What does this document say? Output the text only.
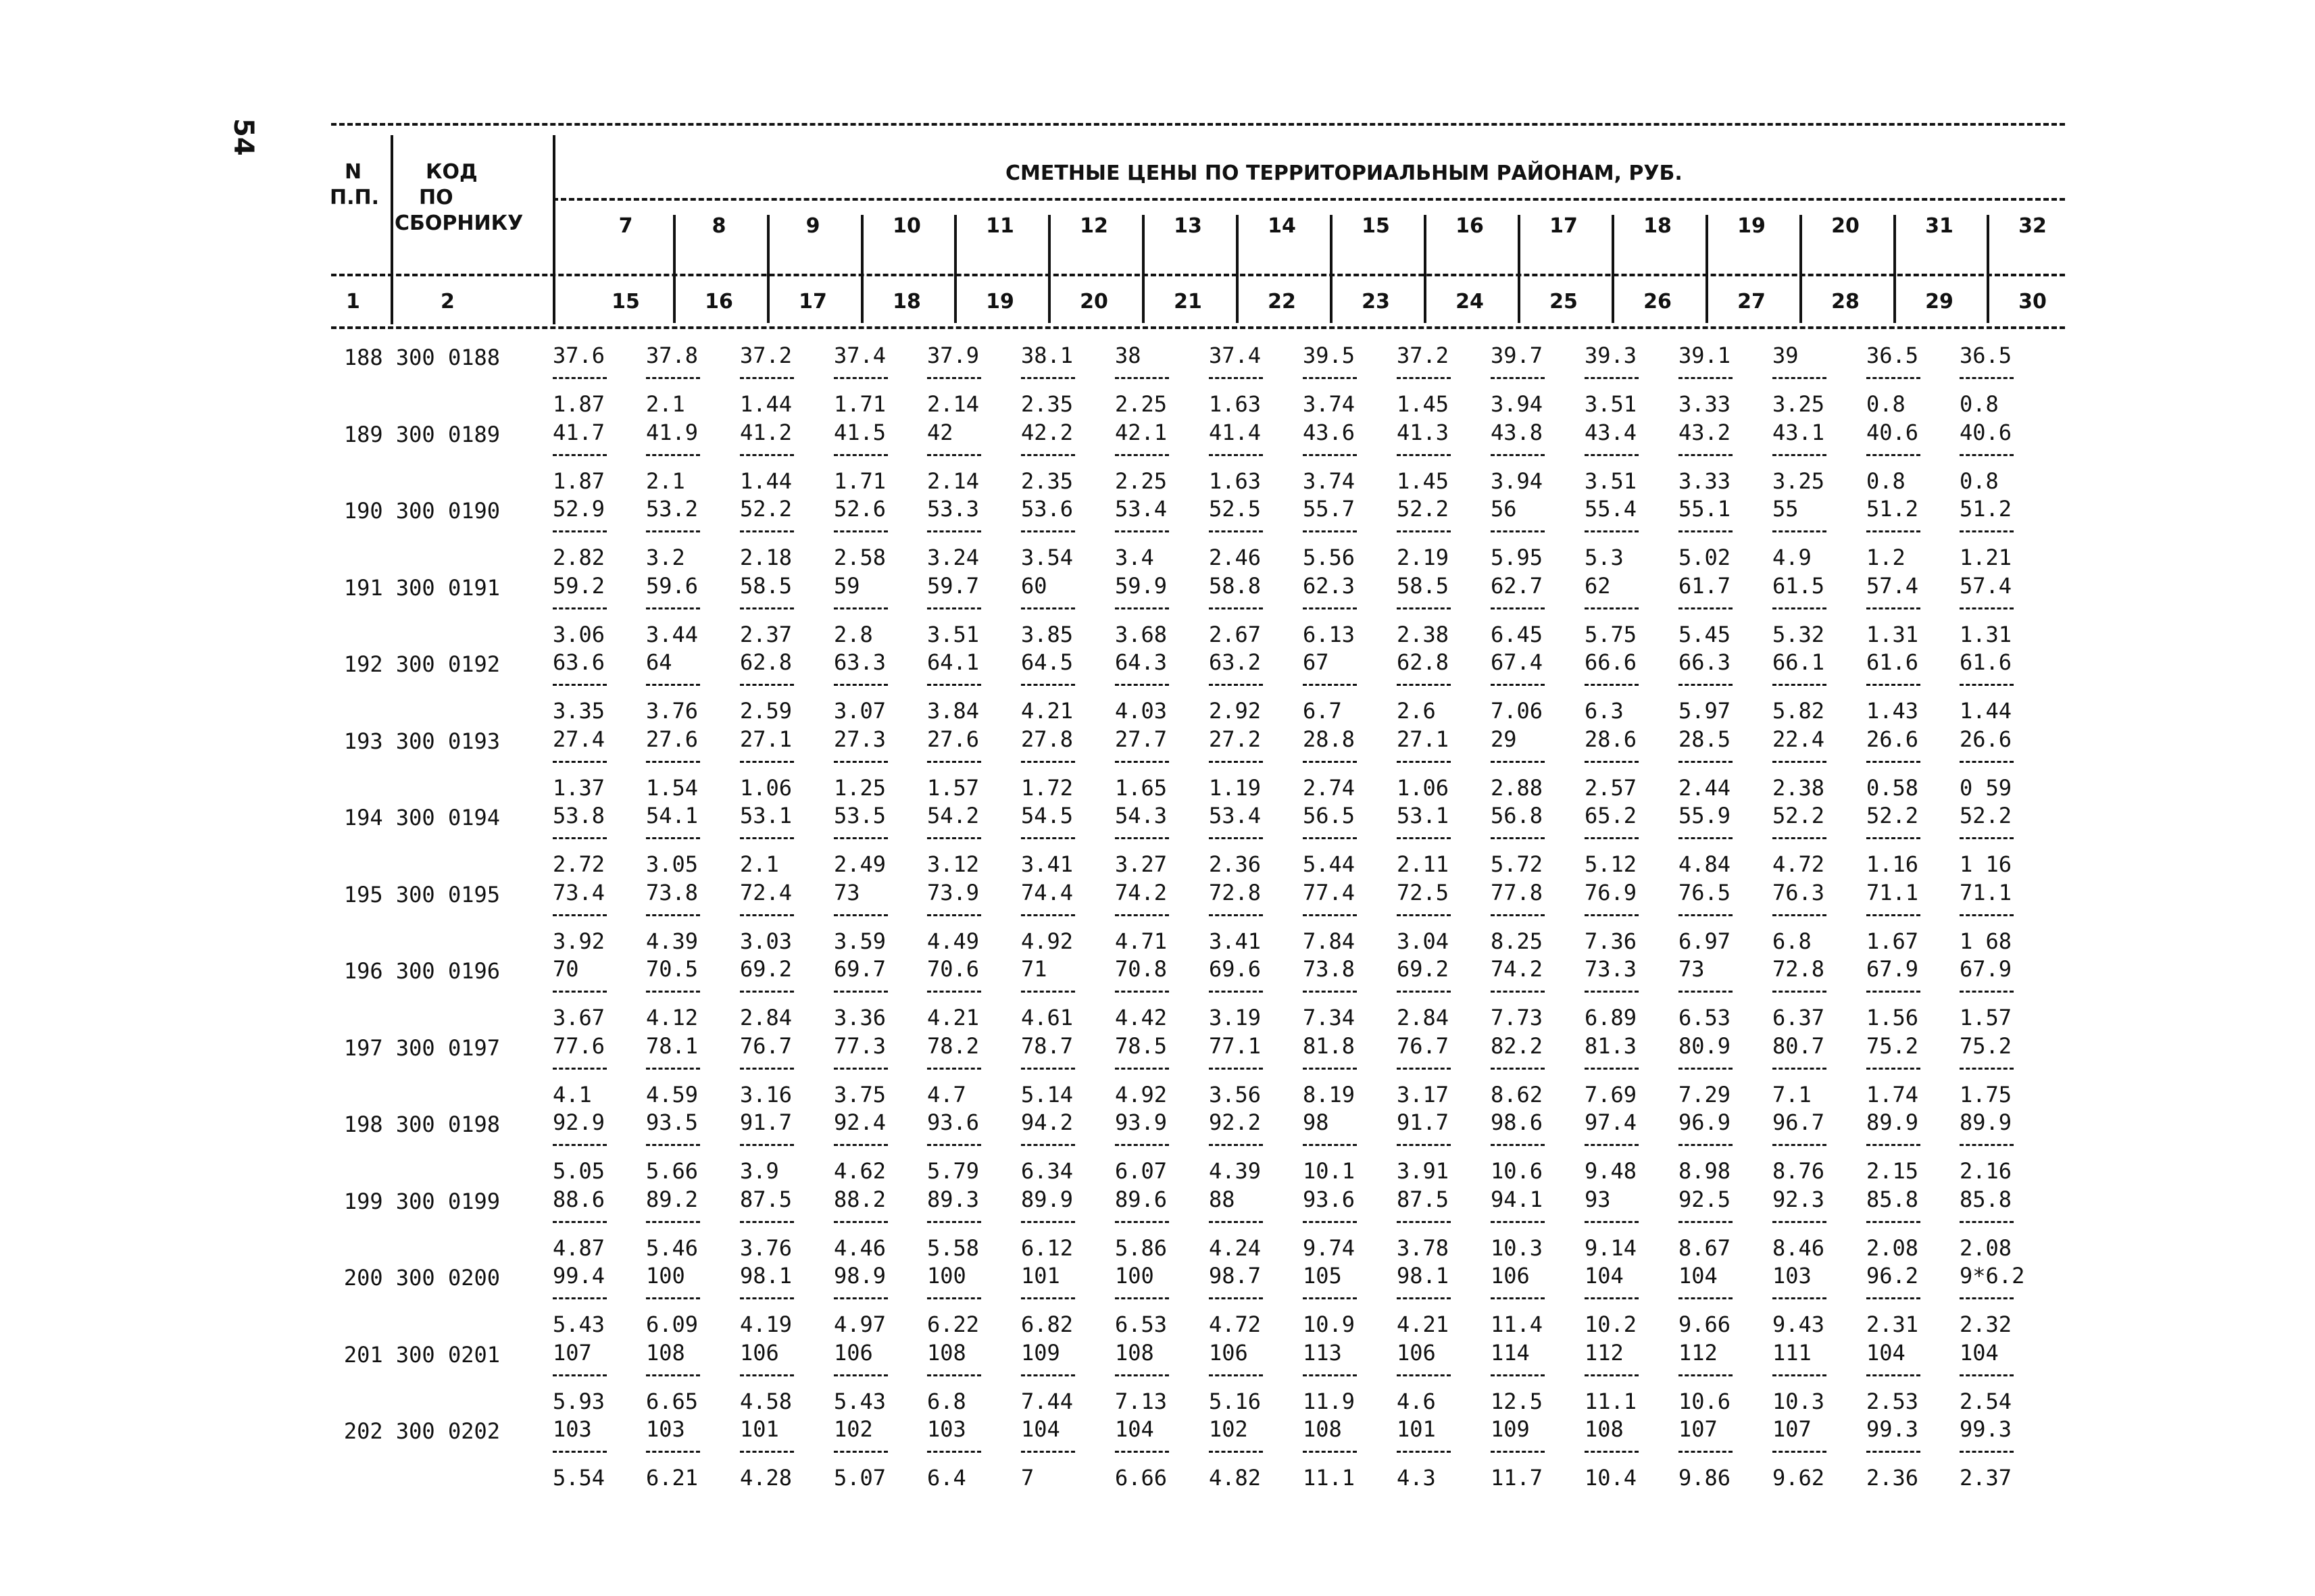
54
N
П.П.
КОД
ПО
СБОРНИКУ
СМЕТНЫЕ ЦЕНЫ ПО ТЕРРИТОРИАЛЬНЫМ РАЙОНАМ, РУБ.
1	2
7
15
8
16
9
17
10
18
11
19
12
20
13
21
14
22
15
23
16
24
17
25
18
26
19
27
20
28
31
29
32
30
188 300 0188 37.6
1.87
37.8
2.1
37.2
1.44
37.4
1.71
37.9
2.14
38.1
2.35
38
2.25
37.4
1.63
39.5
3.74
37.2
1.45
39.7
3.94
39.3
3.51
39.1
3.33
39
3.25
36.5
0.8
36.5
0.8
189 300 0189 41.7
1.87
41.9
2.1
41.2
1.44
41.5
1.71
42
2.14
42.2
2.35
42.1
2.25
41.4
1.63
43.6
3.74
41.3
1.45
43.8
3.94
43.4
3.51
43.2
3.33
43.1
3.25
40.6
0.8
40.6
0.8
190 300 0190 52.9
2.82
53.2
3.2
52.2
2.18
52.6
2.58
53.3
3.24
53.6
3.54
53.4
3.4
52.5
2.46
55.7
5.56
52.2
2.19
56
5.95
55.4
5.3
55.1
5.02
55
4.9
51.2
1.2
51.2
1.21
191 300 0191 59.2
3.06
59.6
3.44
58.5
2.37
59
2.8
59.7
3.51
60
3.85
59.9
3.68
58.8
2.67
62.3
6.13
58.5
2.38
62.7
6.45
62
5.75
61.7
5.45
61.5
5.32
57.4
1.31
57.4
1.31
192 300 0192 63.6
3.35
64
3.76
62.8
2.59
63.3
3.07
64.1
3.84
64.5
4.21
64.3
4.03
63.2
2.92
67
6.7
62.8
2.6
67.4
7.06
66.6
6.3
66.3
5.97
66.1
5.82
61.6
1.43
61.6
1.44
193 300 0193 27.4
1.37
27.6
1.54
27.1
1.06
27.3
1.25
27.6
1.57
27.8
1.72
27.7
1.65
27.2
1.19
28.8
2.74
27.1
1.06
29
2.88
28.6
2.57
28.5
2.44
22.4
2.38
26.6
0.58
26.6
0 59
194 300 0194 53.8
2.72
54.1
3.05
53.1
2.1
53.5
2.49
54.2
3.12
54.5
3.41
54.3
3.27
53.4
2.36
56.5
5.44
53.1
2.11
56.8
5.72
65.2
5.12
55.9
4.84
52.2
4.72
52.2
1.16
52.2
1 16
195 300 0195 73.4
3.92
73.8
4.39
72.4
3.03
73
3.59
73.9
4.49
74.4
4.92
74.2
4.71
72.8
3.41
77.4
7.84
72.5
3.04
77.8
8.25
76.9
7.36
76.5
6.97
76.3
6.8
71.1
1.67
71.1
1 68
196 300 0196 70
3.67
70.5
4.12
69.2
2.84
69.7
3.36
70.6
4.21
71
4.61
70.8
4.42
69.6
3.19
73.8
7.34
69.2
2.84
74.2
7.73
73.3
6.89
73
6.53
72.8
6.37
67.9
1.56
67.9
1.57
197 300 0197 77.6
4.1
78.1
4.59
76.7
3.16
77.3
3.75
78.2
4.7
78.7
5.14
78.5
4.92
77.1
3.56
81.8
8.19
76.7
3.17
82.2
8.62
81.3
7.69
80.9
7.29
80.7
7.1
75.2
1.74
75.2
1.75
198 300 0198 92.9
5.05
93.5
5.66
91.7
3.9
92.4
4.62
93.6
5.79
94.2
6.34
93.9
6.07
92.2
4.39
98
10.1
91.7
3.91
98.6
10.6
97.4
9.48
96.9
8.98
96.7
8.76
89.9
2.15
89.9
2.16
199 300 0199 88.6
4.87
89.2
5.46
87.5
3.76
88.2
4.46
89.3
5.58
89.9
6.12
89.6
5.86
88
4.24
93.6
9.74
87.5
3.78
94.1
10.3
93
9.14
92.5
8.67
92.3
8.46
85.8
2.08
85.8
2.08
200 300 0200 99.4
5.43
100
6.09
98.1
4.19
98.9
4.97
100
6.22
101
6.82
100
6.53
98.7
4.72
105
10.9
98.1
4.21
106
11.4
104
10.2
104
9.66
103
9.43
96.2
2.31
9*6.2
2.32
201 300 0201 107
5.93
108
6.65
106
4.58
106
5.43
108
6.8
109
7.44
108
7.13
106
5.16
113
11.9
106
4.6
114
12.5
112
11.1
112
10.6
111
10.3
104
2.53
104
2.54
202 300 0202 103
5.54
103
6.21
101
4.28
102
5.07
103
6.4
104
7
104
6.66
102
4.82
108
11.1
101
4.3
109
11.7
108
10.4
107
9.86
107
9.62
99.3
2.36
99.3
2.37
